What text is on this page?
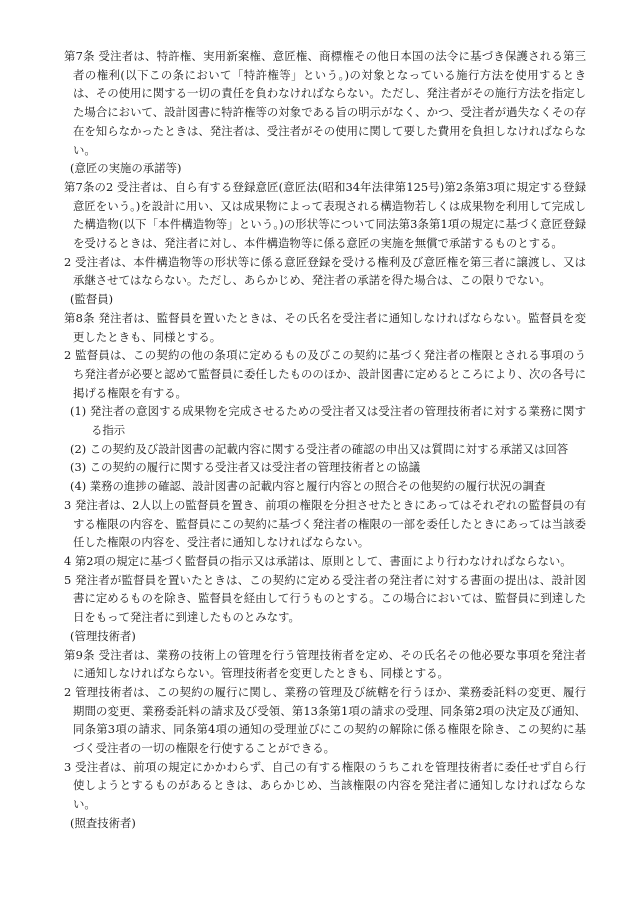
第7条 受注者は、特許権、実用新案権、意匠権、商標権その他日本国の法令に基づき保護される第三者の権利(以下この条において「特許権等」という。)の対象となっている施行方法を使用するとき は、その使用に関する一切の責任を負わなければならない。ただし、発注者がその施行方法を指定した場合において、設計図書に特許権等の対象である旨の明示がなく、かつ、受注者が過失なくその存在を知らなかったときは、発注者は、受注者がその使用に関して要した費用を負担しなければならない。

(意匠の実施の承諾等)

第7条の2 受注者は、自ら有する登録意匠(意匠法(昭和34年法律第125号)第2条第3項に規定する登録意匠をいう。)を設計に用い、又は成果物によって表現される構造物若しくは成果物を利用して完成した構造物(以下「本件構造物等」という。)の形状等について同法第3条第1項の規定に基づく意匠登録を受けるときは、発注者に対し、本件構造物等に係る意匠の実施を無償で承諾するものとする。

2 受注者は、本件構造物等の形状等に係る意匠登録を受ける権利及び意匠権を第三者に譲渡し、又は承継させてはならない。ただし、あらかじめ、発注者の承諾を得た場合は、この限りでない。

(監督員)

第8条 発注者は、監督員を置いたときは、その氏名を受注者に通知しなければならない。監督員を変更したときも、同様とする。

2 監督員は、この契約の他の条項に定めるもの及びこの契約に基づく発注者の権限とされる事項のうち発注者が必要と認めて監督員に委任したもののほか、設計図書に定めるところにより、次の各号に掲げる権限を有する。

(1) 発注者の意図する成果物を完成させるための受注者又は受注者の管理技術者に対する業務に関する指示

(2) この契約及び設計図書の記載内容に関する受注者の確認の申出又は質問に対する承諾又は回答

(3) この契約の履行に関する受注者又は受注者の管理技術者との協議

(4) 業務の進捗の確認、設計図書の記載内容と履行内容との照合その他契約の履行状況の調査

3 発注者は、2人以上の監督員を置き、前項の権限を分担させたときにあってはそれぞれの監督員の有する権限の内容を、監督員にこの契約に基づく発注者の権限の一部を委任したときにあっては当該委任した権限の内容を、受注者に通知しなければならない。

4 第2項の規定に基づく監督員の指示又は承諾は、原則として、書面により行わなければならない。

5 発注者が監督員を置いたときは、この契約に定める受注者の発注者に対する書面の提出は、設計図書に定めるものを除き、監督員を経由して行うものとする。この場合においては、監督員に到達した日をもって発注者に到達したものとみなす。

(管理技術者)

第9条 受注者は、業務の技術上の管理を行う管理技術者を定め、その氏名その他必要な事項を発注者に通知しなければならない。管理技術者を変更したときも、同様とする。

2 管理技術者は、この契約の履行に関し、業務の管理及び統轄を行うほか、業務委託料の変更、履行期間の変更、業務委託料の請求及び受領、第13条第1項の請求の受理、同条第2項の決定及び通知、同条第3項の請求、同条第4項の通知の受理並びにこの契約の解除に係る権限を除き、この契約に基づく受注者の一切の権限を行使することができる。

3 受注者は、前項の規定にかかわらず、自己の有する権限のうちこれを管理技術者に委任せず自ら行使しようとするものがあるときは、あらかじめ、当該権限の内容を発注者に通知しなければならない。

(照査技術者)
